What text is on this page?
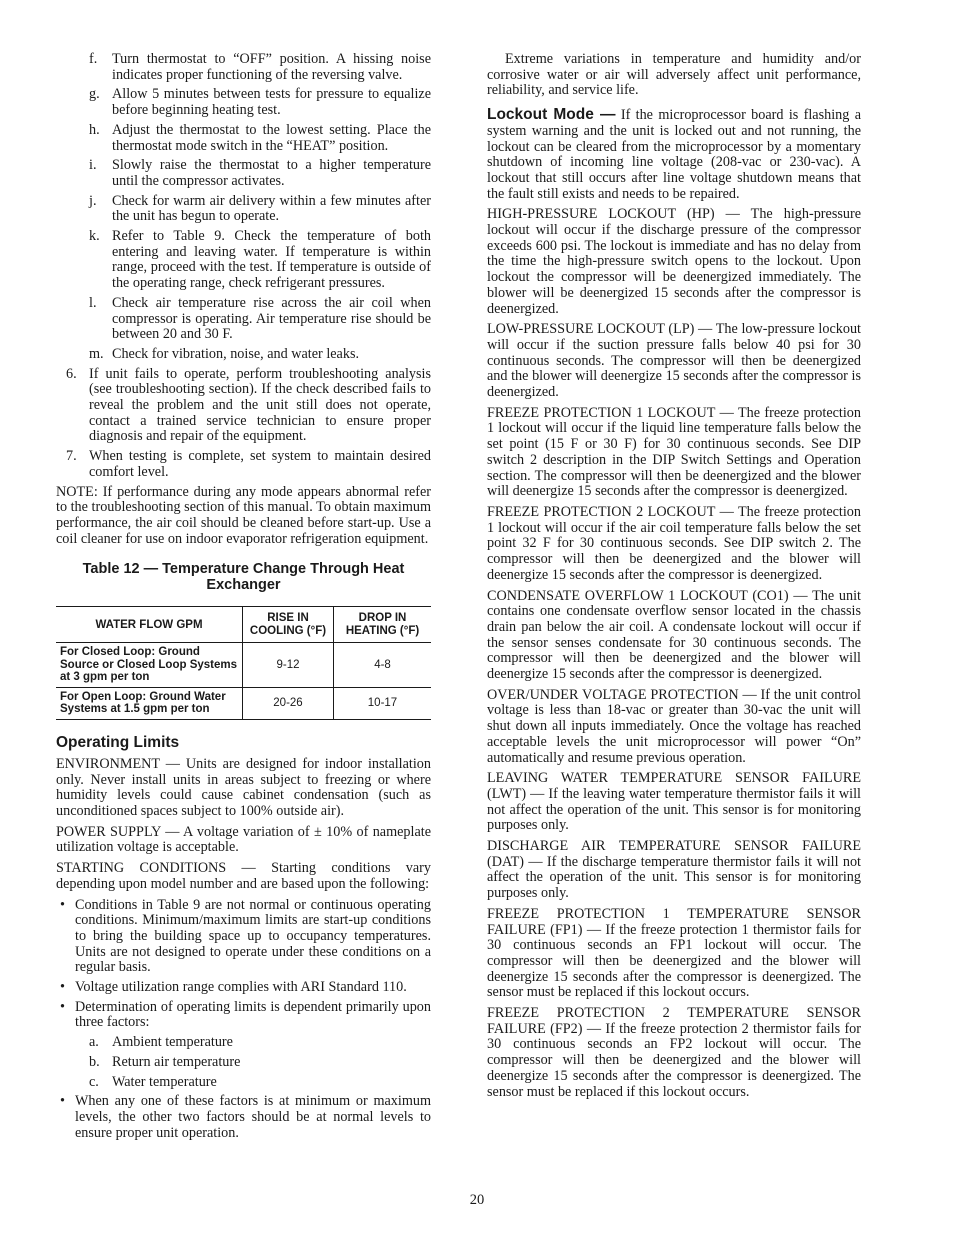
f.	Turn thermostat to “OFF” position. A hissing noise indicates proper functioning of the reversing valve.
g. Allow 5 minutes between tests for pressure to equalize before beginning heating test.
h. Adjust the thermostat to the lowest setting. Place the thermostat mode switch in the “HEAT” position.
i.	Slowly raise the thermostat to a higher temperature until the compressor activates.
j.	Check for warm air delivery within a few minutes after the unit has begun to operate.
k. Refer to Table 9. Check the temperature of both entering and leaving water. If temperature is within range, proceed with the test. If temperature is outside of the operating range, check refrigerant pressures.
l.	Check air temperature rise across the air coil when compressor is operating. Air temperature rise should be between 20 and 30 F.
m. Check for vibration, noise, and water leaks.
6. If unit fails to operate, perform troubleshooting analysis (see troubleshooting section). If the check described fails to reveal the problem and the unit still does not operate, contact a trained service technician to ensure proper diagnosis and repair of the equipment.
7. When testing is complete, set system to maintain desired comfort level.

NOTE: If performance during any mode appears abnormal refer to the troubleshooting section of this manual. To obtain maximum performance, the air coil should be cleaned before start-up. Use a coil cleaner for use on indoor evaporator refrigeration equipment.

Table 12 — Temperature Change Through Heat Exchanger
WATER FLOW GPM	RISE IN COOLING (°F)	DROP IN HEATING (°F)
For Closed Loop: Ground Source or Closed Loop Systems at 3 gpm per ton	9-12	4-8
For Open Loop: Ground Water Systems at 1.5 gpm per ton	20-26	10-17
Operating Limits

ENVIRONMENT — Units are designed for indoor installation only. Never install units in areas subject to freezing or where humidity levels could cause cabinet condensation (such as unconditioned spaces subject to 100% outside air).

POWER SUPPLY — A voltage variation of ± 10% of nameplate utilization voltage is acceptable.

STARTING CONDITIONS — Starting conditions vary depending upon model number and are based upon the following:

• Conditions in Table 9 are not normal or continuous operating conditions. Minimum/maximum limits are start-up conditions to bring the building space up to occupancy temperatures. Units are not designed to operate under these conditions on a regular basis.
• Voltage utilization range complies with ARI Standard 110.
• Determination of operating limits is dependent primarily upon three factors:
a. Ambient temperature
b. Return air temperature
c. Water temperature
• When any one of these factors is at minimum or maximum levels, the other two factors should be at normal levels to ensure proper unit operation.

Extreme variations in temperature and humidity and/or corrosive water or air will adversely affect unit performance, reliability, and service life.

Lockout Mode — If the microprocessor board is flashing a system warning and the unit is locked out and not running, the lockout can be cleared from the microprocessor by a momentary shutdown of incoming line voltage (208-vac or 230-vac). A lockout that still occurs after line voltage shutdown means that the fault still exists and needs to be repaired.

HIGH-PRESSURE LOCKOUT (HP) — The high-pressure lockout will occur if the discharge pressure of the compressor exceeds 600 psi. The lockout is immediate and has no delay from the time the high-pressure switch opens to the lockout. Upon lockout the compressor will be deenergized immediately. The blower will be deenergized 15 seconds after the compressor is deenergized.

LOW-PRESSURE LOCKOUT (LP) — The low-pressure lockout will occur if the suction pressure falls below 40 psi for 30 continuous seconds. The compressor will then be deenergized and the blower will deenergize 15 seconds after the compressor is deenergized.

FREEZE PROTECTION 1 LOCKOUT — The freeze protection 1 lockout will occur if the liquid line temperature falls below the set point (15 F or 30 F) for 30 continuous seconds. See DIP switch 2 description in the DIP Switch Settings and Operation section. The compressor will then be deenergized and the blower will deenergize 15 seconds after the compressor is deenergized.

FREEZE PROTECTION 2 LOCKOUT — The freeze protection 1 lockout will occur if the air coil temperature falls below the set point 32 F for 30 continuous seconds. See DIP switch 2. The compressor will then be deenergized and the blower will deenergize 15 seconds after the compressor is deenergized.

CONDENSATE OVERFLOW 1 LOCKOUT (CO1) — The unit contains one condensate overflow sensor located in the chassis drain pan below the air coil. A condensate lockout will occur if the sensor senses condensate for 30 continuous seconds. The compressor will then be deenergized and the blower will deenergize 15 seconds after the compressor is deenergized.

OVER/UNDER VOLTAGE PROTECTION — If the unit control voltage is less than 18-vac or greater than 30-vac the unit will shut down all inputs immediately. Once the voltage has reached acceptable levels the unit microprocessor will power “On” automatically and resume previous operation.

LEAVING WATER TEMPERATURE SENSOR FAILURE (LWT) — If the leaving water temperature thermistor fails it will not affect the operation of the unit. This sensor is for monitoring purposes only.

DISCHARGE AIR TEMPERATURE SENSOR FAILURE (DAT) — If the discharge temperature thermistor fails it will not affect the operation of the unit. This sensor is for monitoring purposes only.

FREEZE PROTECTION 1 TEMPERATURE SENSOR FAILURE (FP1) — If the freeze protection 1 thermistor fails for 30 continuous seconds an FP1 lockout will occur. The compressor will then be deenergized and the blower will deenergize 15 seconds after the compressor is deenergized. The sensor must be replaced if this lockout occurs.

FREEZE PROTECTION 2 TEMPERATURE SENSOR FAILURE (FP2) — If the freeze protection 2 thermistor fails for 30 continuous seconds an FP2 lockout will occur. The compressor will then be deenergized and the blower will deenergize 15 seconds after the compressor is deenergized. The sensor must be replaced if this lockout occurs.

20
